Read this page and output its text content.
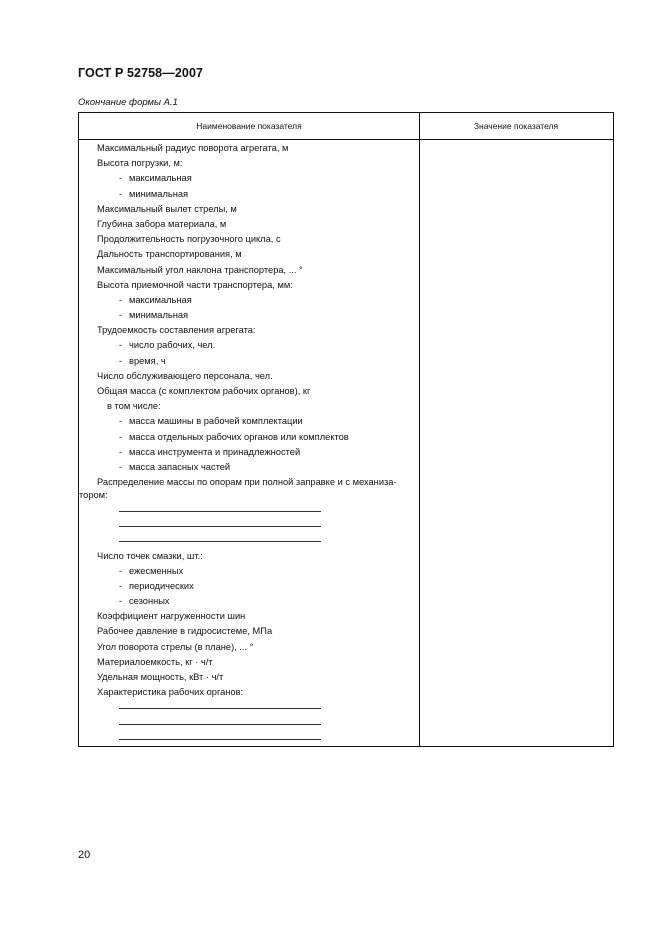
ГОСТ Р 52758—2007
Окончание формы А.1
Наименование показателя	Значение показателя
Максимальный радиус поворота агрегата, м
Высота погрузки, м:
- максимальная
- минимальная
Максимальный вылет стрелы, м
Глубина забора материала, м
Продолжительность погрузочного цикла, с
Дальность транспортирования, м
Максимальный угол наклона транспортера, ... °
Высота приемочной части транспортера, мм:
- максимальная
- минимальная
Трудоемкость составления агрегата:
- число рабочих, чел.
- время, ч
Число обслуживающего персонала, чел.
Общая масса (с комплектом рабочих органов), кг
в том числе:
- масса машины в рабочей комплектации
- масса отдельных рабочих органов или комплектов
- масса инструмента и принадлежностей
- масса запасных частей
Распределение массы по опорам при полной заправке и с механиза-тором:
Число точек смазки, шт.:
- ежесменных
- периодических
- сезонных
Коэффициент нагруженности шин
Рабочее давление в гидросистеме, МПа
Угол поворота стрелы (в плане), ... °
Материалоемкость, кг · ч/т
Удельная мощность, кВт · ч/т
Характеристика рабочих органов:
20
